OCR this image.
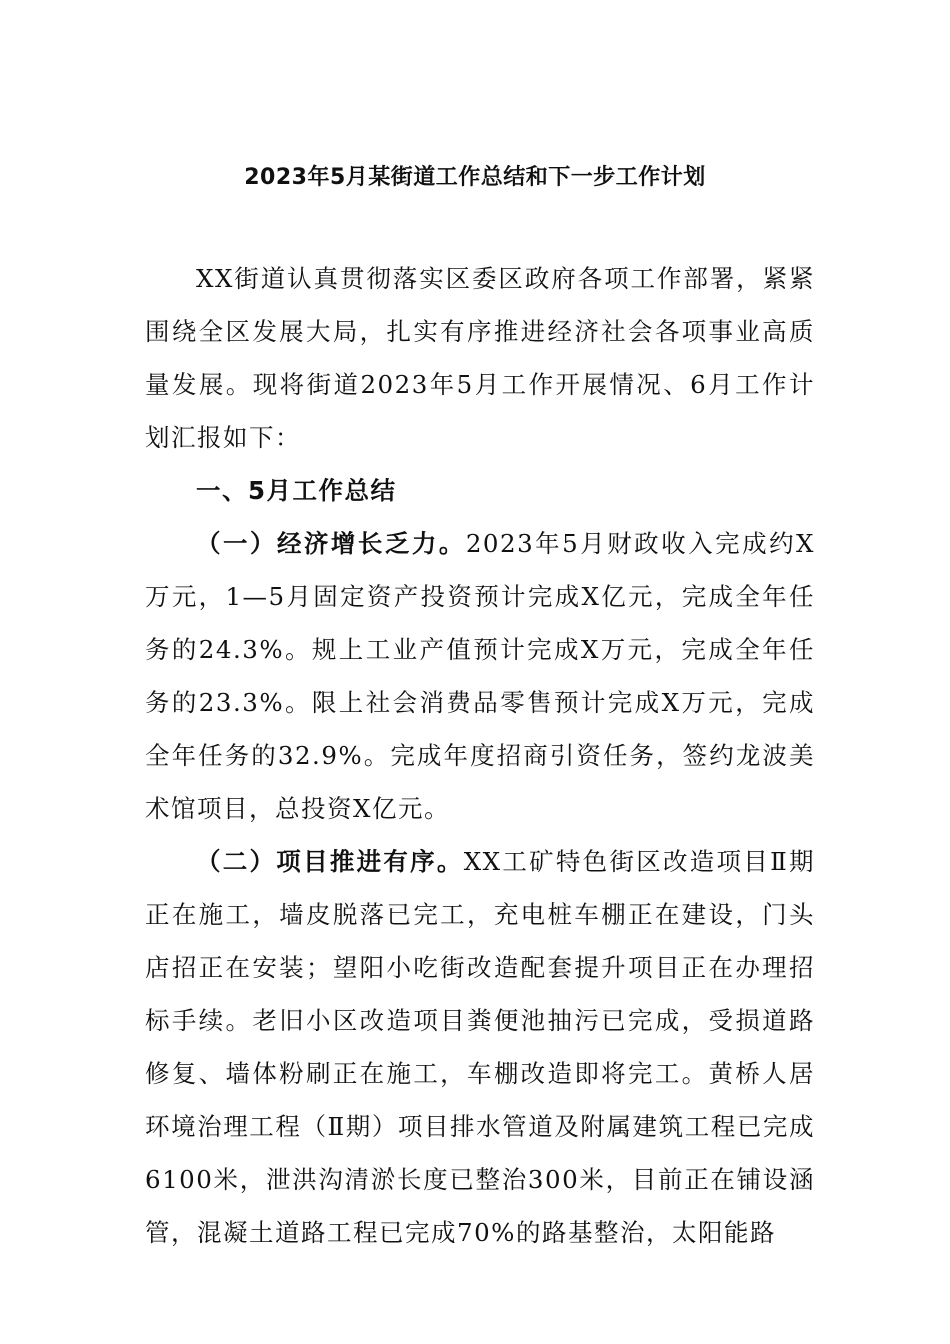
2023年5月某街道工作总结和下一步工作计划

XX街道认真贯彻落实区委区政府各项工作部署，紧紧围绕全区发展大局，扎实有序推进经济社会各项事业高质量发展。现将街道2023年5月工作开展情况、6月工作计划汇报如下：

一、5月工作总结

（一）经济增长乏力。2023年5月财政收入完成约X万元，1—5月固定资产投资预计完成X亿元，完成全年任务的24.3%。规上工业产值预计完成X万元，完成全年任务的23.3%。限上社会消费品零售预计完成X万元，完成全年任务的32.9%。完成年度招商引资任务，签约龙波美术馆项目，总投资X亿元。

（二）项目推进有序。XX工矿特色街区改造项目Ⅱ期正在施工，墙皮脱落已完工，充电桩车棚正在建设，门头店招正在安装；望阳小吃街改造配套提升项目正在办理招标手续。老旧小区改造项目粪便池抽污已完成，受损道路修复、墙体粉刷正在施工，车棚改造即将完工。黄桥人居环境治理工程（Ⅱ期）项目排水管道及附属建筑工程已完成6100米，泄洪沟清淤长度已整治300米，目前正在铺设涵管，混凝土道路工程已完成70%的路基整治，太阳能路
